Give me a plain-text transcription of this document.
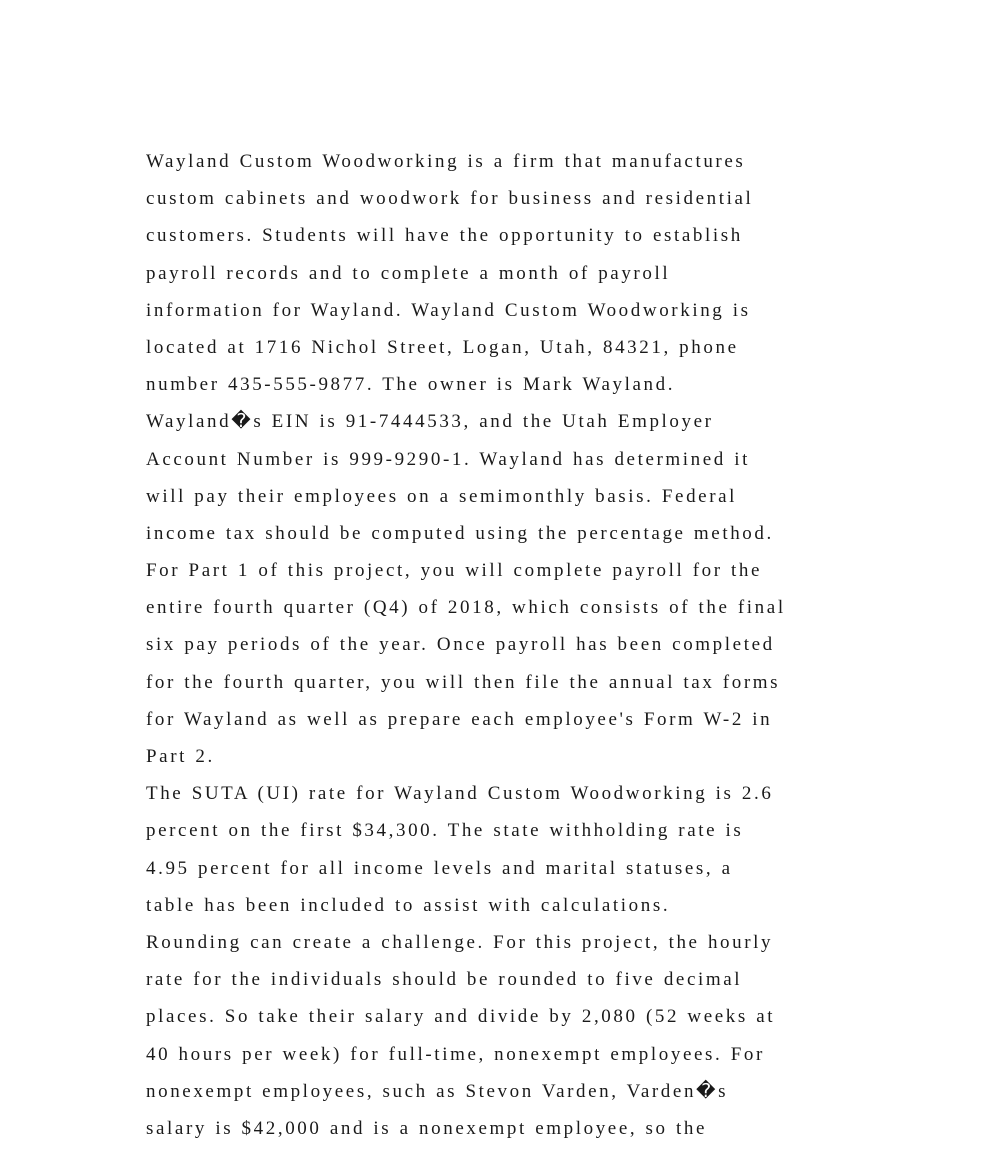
Wayland Custom Woodworking is a firm that manufactures
custom cabinets and woodwork for business and residential
customers. Students will have the opportunity to establish
payroll records and to complete a month of payroll
information for Wayland. Wayland Custom Woodworking is
located at 1716 Nichol Street, Logan, Utah, 84321, phone
number 435-555-9877. The owner is Mark Wayland.
Wayland�s EIN is 91-7444533, and the Utah Employer
Account Number is 999-9290-1. Wayland has determined it
will pay their employees on a semimonthly basis. Federal
income tax should be computed using the percentage method.
For Part 1 of this project, you will complete payroll for the
entire fourth quarter (Q4) of 2018, which consists of the final
six pay periods of the year. Once payroll has been completed
for the fourth quarter, you will then file the annual tax forms
for Wayland as well as prepare each employee's Form W-2 in
Part 2.
The SUTA (UI) rate for Wayland Custom Woodworking is 2.6
percent on the first $34,300. The state withholding rate is
4.95 percent for all income levels and marital statuses, a
table has been included to assist with calculations.
Rounding can create a challenge. For this project, the hourly
rate for the individuals should be rounded to five decimal
places. So take their salary and divide by 2,080 (52 weeks at
40 hours per week) for full-time, nonexempt employees. For
nonexempt employees, such as Stevon Varden, Varden�s
salary is $42,000 and is a nonexempt employee, so the
